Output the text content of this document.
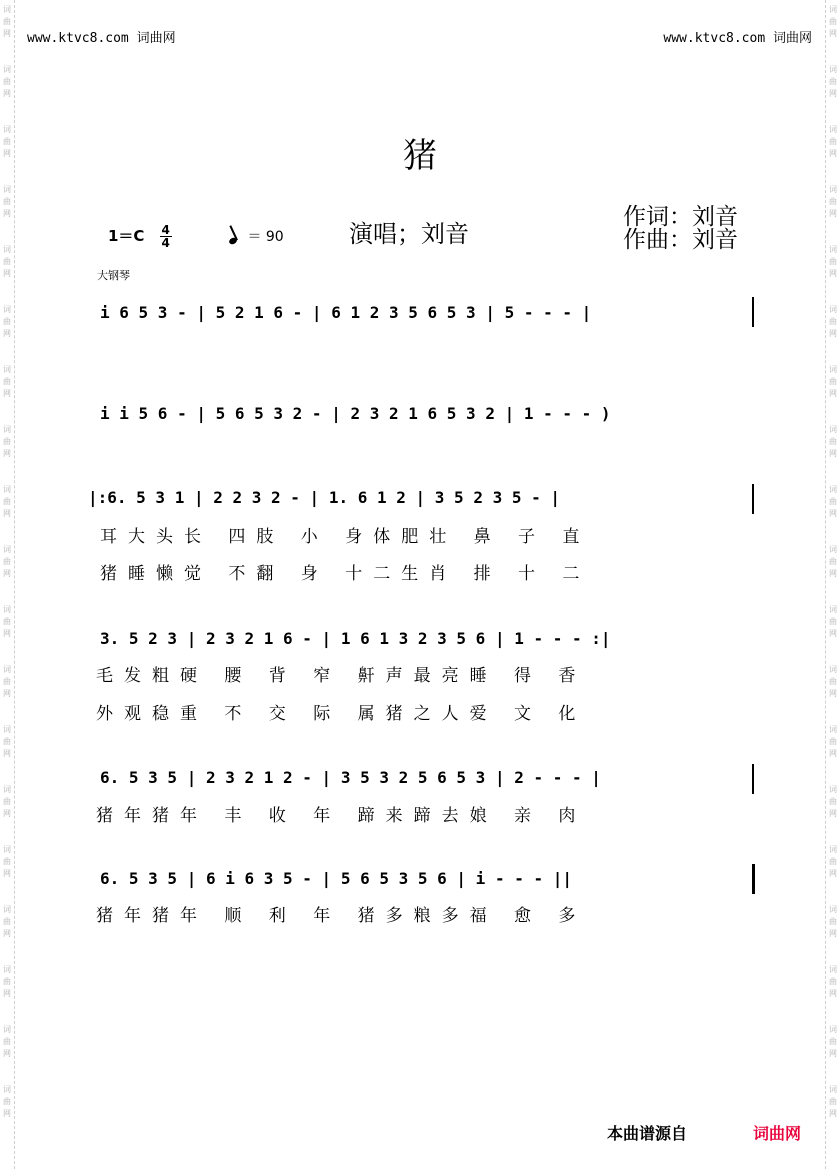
词
曲
网
词
曲
网
词
曲
网
词
曲
网
词
曲
网
词
曲
网
词
曲
网
词
曲
网
词
曲
网
词
曲
网
词
曲
网
词
曲
网
词
曲
网
词
曲
网
词
曲
网
词
曲
网
词
曲
网
词
曲
网
词
曲
网
词
曲
网
词
曲
网
词
曲
网
词
曲
网
词
曲
网
词
曲
网
词
曲
网
词
曲
网
词
曲
网
词
曲
网
词
曲
网
词
曲
网
词
曲
网
词
曲
网
词
曲
网
词
曲
网
词
曲
网
词
曲
网
词
曲
网
www.ktvc8.com 词曲网	www.ktvc8.com 词曲网
猪
$1=C \frac{4}{4}$	＝ 90	演唱；刘音
作词：刘音
作曲：刘音
大钢琴
i 6 5 3 - | 5 2 1 6 - | 6 1 2 3 5 6 5 3 | 5 - - - |
i i 5 6 - | 5 6 5 3 2 - | 2 3 2 1 6 5 3 2 | 1 - - - )
|:6. 5 3 1 | 2 2 3 2 - | 1. 6 1 2 | 3 5 2 3 5 - |
耳大头长 四肢 小 身体肥壮 鼻 子 直
猪睡懒觉 不翻 身 十二生肖 排 十 二
3. 5 2 3 | 2 3 2 1 6 - | 1 6 1 3 2 3 5 6 | 1 - - - :|
毛发粗硬 腰 背 窄 鼾声最亮睡 得 香
外观稳重 不 交 际 属猪之人爱 文 化
6. 5 3 5 | 2 3 2 1 2 - | 3 5 3 2 5 6 5 3 | 2 - - - |
猪年猪年 丰 收 年 蹄来蹄去娘 亲 肉
6. 5 3 5 | 6 i 6 3 5 - | 5 6 5 3 5 6 | i - - - ||
猪年猪年 顺 利 年 猪多粮多福 愈 多
本曲谱源自	词曲网
